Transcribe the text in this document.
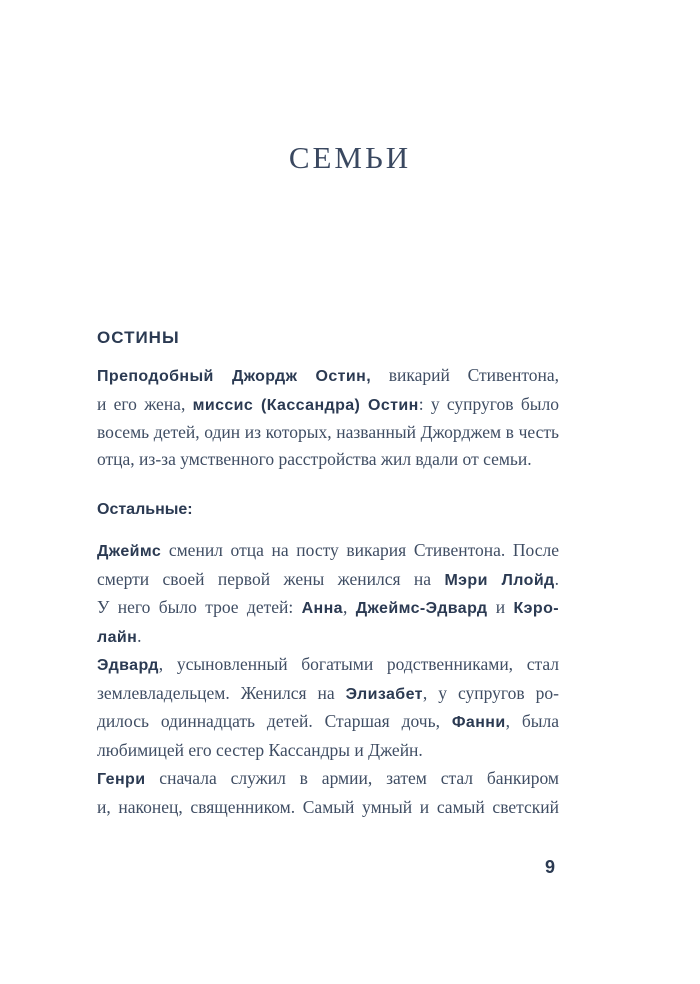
СЕМЬИ
ОСТИНЫ

Преподобный Джордж Остин, викарий Стивентона,
и его жена, миссис (Кассандра) Остин: у супругов было
восемь детей, один из которых, названный Джорджем в честь
отца, из-за умственного расстройства жил вдали от семьи.

Остальные:

Джеймс сменил отца на посту викария Стивентона. После
смерти своей первой жены женился на Мэри Ллойд.
У него было трое детей: Анна, Джеймс-Эдвард и Кэро-
лайн.

Эдвард, усыновленный богатыми родственниками, стал
землевладельцем. Женился на Элизабет, у супругов ро-
дилось одиннадцать детей. Старшая дочь, Фанни, была
любимицей его сестер Кассандры и Джейн.

Генри сначала служил в армии, затем стал банкиром
и, наконец, священником. Самый умный и самый светский

9
